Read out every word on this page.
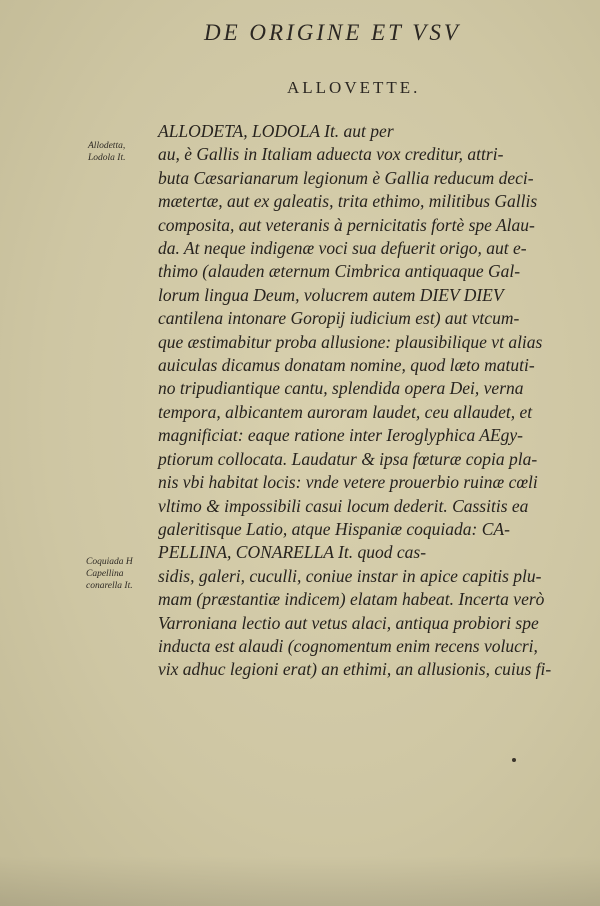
DE ORIGINE ET VSV
ALLOVETTE.
Allodetta,
Lodola It.
Coquiada H
Capellina
conarella It.
ALLODETA, LODOLA It. aut per
au, è Gallis in Italiam aduecta vox creditur, attri-
buta Cæsarianarum legionum è Gallia reducum deci-
mætertæ, aut ex galeatis, trita ethimo, militibus Gallis
composita, aut veteranis à pernicitatis fortè spe Alau-
da. At neque indigenæ voci sua defuerit origo, aut e-
thimo (alauden æternum Cimbrica antiquaque Gal-
lorum lingua Deum, volucrem autem DIEV DIEV
cantilena intonare Goropij iudicium est) aut vtcum-
que æstimabitur proba allusione: plausibilique vt alias
auiculas dicamus donatam nomine, quod læto matuti-
no tripudiantique cantu, splendida opera Dei, verna
tempora, albicantem auroram laudet, ceu allaudet, et
magnificiat: eaque ratione inter Ieroglyphica AEgy-
ptiorum collocata. Laudatur & ipsa fœturæ copia pla-
nis vbi habitat locis: vnde vetere prouerbio ruinæ cœli
vltimo & impossibili casui locum dederit. Cassitis ea
galeritisque Latio, atque Hispaniæ coquiada: CA-
PELLINA, CONARELLA It. quod cas-
sidis, galeri, cuculli, coniue instar in apice capitis plu-
mam (præstantiæ indicem) elatam habeat. Incerta verò
Varroniana lectio aut vetus alaci, antiqua probiori spe
inducta est alaudi (cognomentum enim recens volucri,
vix adhuc legioni erat) an ethimi, an allusionis, cuius fi-
